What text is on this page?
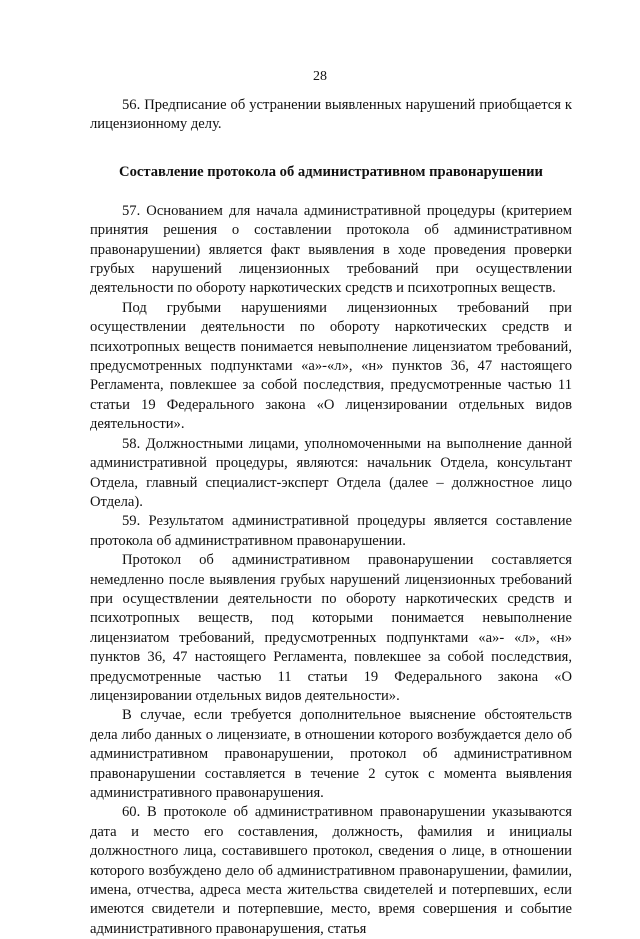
28

56. Предписание об устранении выявленных нарушений приобщается к лицензионному делу.

Составление протокола об административном правонарушении

57. Основанием для начала административной процедуры (критерием принятия решения о составлении протокола об административном правонарушении) является факт выявления в ходе проведения проверки грубых нарушений лицензионных требований при осуществлении деятельности по обороту наркотических средств и психотропных веществ.

Под грубыми нарушениями лицензионных требований при осуществлении деятельности по обороту наркотических средств и психотропных веществ понимается невыполнение лицензиатом требований, предусмотренных подпунктами «а»-«л», «н» пунктов 36, 47 настоящего Регламента, повлекшее за собой последствия, предусмотренные частью 11 статьи 19 Федерального закона «О лицензировании отдельных видов деятельности».

58. Должностными лицами, уполномоченными на выполнение данной административной процедуры, являются: начальник Отдела, консультант Отдела, главный специалист-эксперт Отдела (далее – должностное лицо Отдела).

59. Результатом административной процедуры является составление протокола об административном правонарушении.

Протокол об административном правонарушении составляется немедленно после выявления грубых нарушений лицензионных требований при осуществлении деятельности по обороту наркотических средств и психотропных веществ, под которыми понимается невыполнение лицензиатом требований, предусмотренных подпунктами «а»- «л», «н» пунктов 36, 47 настоящего Регламента, повлекшее за собой последствия, предусмотренные частью 11 статьи 19 Федерального закона «О лицензировании отдельных видов деятельности».

В случае, если требуется дополнительное выяснение обстоятельств дела либо данных о лицензиате, в отношении которого возбуждается дело об административном правонарушении, протокол об административном правонарушении составляется в течение 2 суток с момента выявления административного правонарушения.

60. В протоколе об административном правонарушении указываются дата и место его составления, должность, фамилия и инициалы должностного лица, составившего протокол, сведения о лице, в отношении которого возбуждено дело об административном правонарушении, фамилии, имена, отчества, адреса места жительства свидетелей и потерпевших, если имеются свидетели и потерпевшие, место, время совершения и событие административного правонарушения, статья
